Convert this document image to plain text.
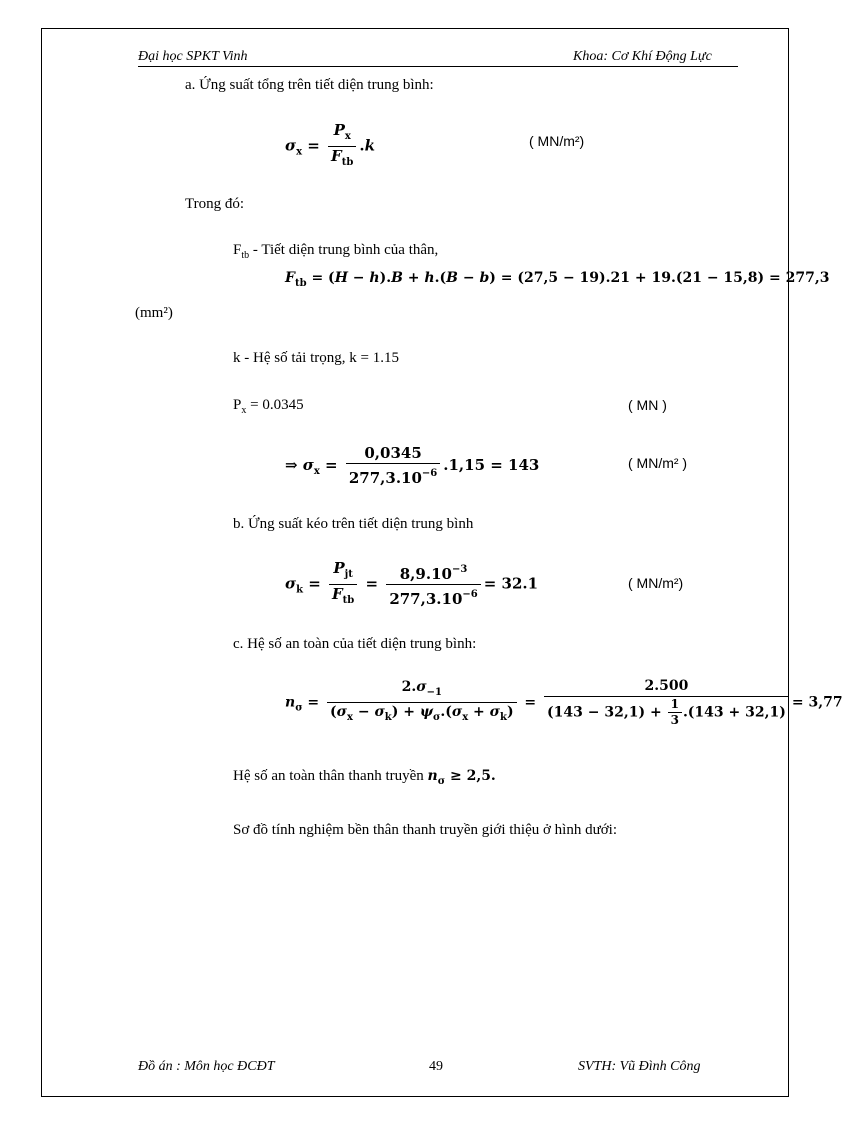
Đại học SPKT Vinh	Khoa: Cơ Khí Động Lực
a. Ứng suất tổng trên tiết diện trung bình:
$\sigma_x = \frac{P_x}{F_{tb}} .k$	( MN/m²)
Trong đó:
$F_{tb}$ - Tiết diện trung bình của thân,
$F_{tb} = (H - h).B + h.(B - b) = (27,5 - 19).21 + 19.(21 - 15,8) = 277,3$
(mm²)
k - Hệ số tải trọng, k = 1.15
$P_x = 0.0345$	( MN )
⇒ $\sigma_x = \frac{0,0345}{277,3.10^{-6}} .1,15 = 143$	( MN/m² )
b. Ứng suất kéo trên tiết diện trung bình
$\sigma_k = \frac{P_{jt}}{F_{tb}} = \frac{8,9.10^{-3}}{277,3.10^{-6}} = 32.1$	( MN/m²)
c. Hệ số an toàn của tiết diện trung bình:
$n_\sigma = \frac{2.\sigma_{-1}}{(\sigma_x - \sigma_k) + \psi_\sigma.(\sigma_x + \sigma_k)} = \frac{2.500}{(143 - 32,1) + \frac{1}{3} .(143 + 32,1)} = 3,77$
Hệ số an toàn thân thanh truyền $n_\sigma \ge 2,5$.
Sơ đồ tính nghiệm bền thân thanh truyền giới thiệu ở hình dưới:
Đồ án : Môn học ĐCĐT	49	SVTH: Vũ Đình Công
